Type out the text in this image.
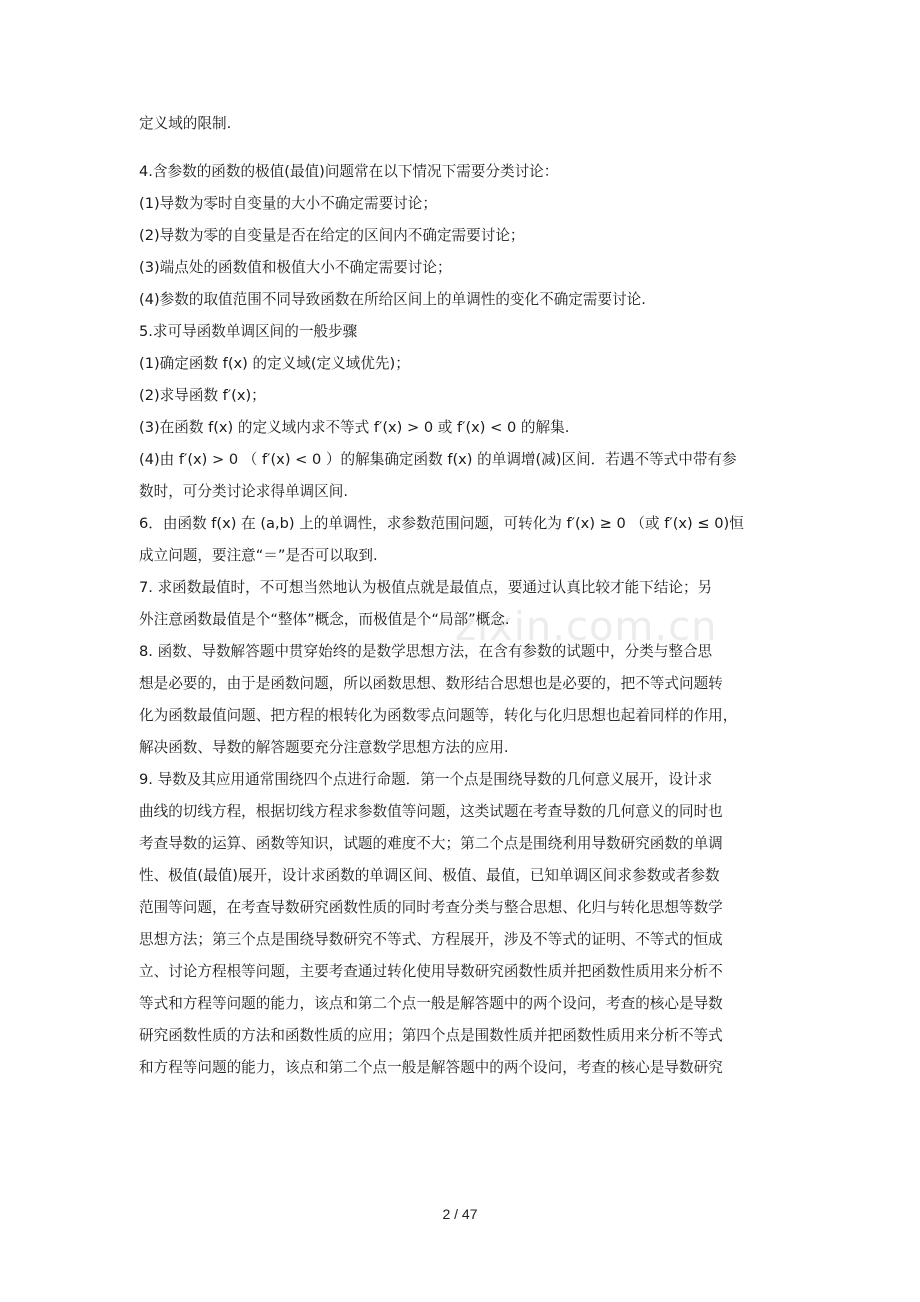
zixin.com.cn
定义域的限制.
4.含参数的函数的极值(最值)问题常在以下情况下需要分类讨论：
(1)导数为零时自变量的大小不确定需要讨论；
(2)导数为零的自变量是否在给定的区间内不确定需要讨论；
(3)端点处的函数值和极值大小不确定需要讨论；
(4)参数的取值范围不同导致函数在所给区间上的单调性的变化不确定需要讨论.
5.求可导函数单调区间的一般步骤
(1)确定函数 f(x) 的定义域(定义域优先)；
(2)求导函数 f′(x)；
(3)在函数 f(x) 的定义域内求不等式 f′(x) > 0 或 f′(x) < 0 的解集.
(4)由 f′(x) > 0 （ f′(x) < 0 ）的解集确定函数 f(x) 的单调增(减)区间．若遇不等式中带有参
数时，可分类讨论求得单调区间.
6．由函数 f(x) 在 (a,b) 上的单调性，求参数范围问题，可转化为 f′(x) ≥ 0 （或 f′(x) ≤ 0)恒
成立问题，要注意“＝”是否可以取到.
7. 求函数最值时，不可想当然地认为极值点就是最值点，要通过认真比较才能下结论；另
外注意函数最值是个“整体”概念，而极值是个“局部”概念.
8. 函数、导数解答题中贯穿始终的是数学思想方法，在含有参数的试题中，分类与整合思
想是必要的，由于是函数问题，所以函数思想、数形结合思想也是必要的，把不等式问题转
化为函数最值问题、把方程的根转化为函数零点问题等，转化与化归思想也起着同样的作用，
解决函数、导数的解答题要充分注意数学思想方法的应用.
9. 导数及其应用通常围绕四个点进行命题．第一个点是围绕导数的几何意义展开，设计求
曲线的切线方程，根据切线方程求参数值等问题，这类试题在考查导数的几何意义的同时也
考查导数的运算、函数等知识，试题的难度不大；第二个点是围绕利用导数研究函数的单调
性、极值(最值)展开，设计求函数的单调区间、极值、最值，已知单调区间求参数或者参数
范围等问题，在考查导数研究函数性质的同时考查分类与整合思想、化归与转化思想等数学
思想方法；第三个点是围绕导数研究不等式、方程展开，涉及不等式的证明、不等式的恒成
立、讨论方程根等问题，主要考查通过转化使用导数研究函数性质并把函数性质用来分析不
等式和方程等问题的能力，该点和第二个点一般是解答题中的两个设问，考查的核心是导数
研究函数性质的方法和函数性质的应用；第四个点是围数性质并把函数性质用来分析不等式
和方程等问题的能力，该点和第二个点一般是解答题中的两个设问，考查的核心是导数研究
2 / 47
